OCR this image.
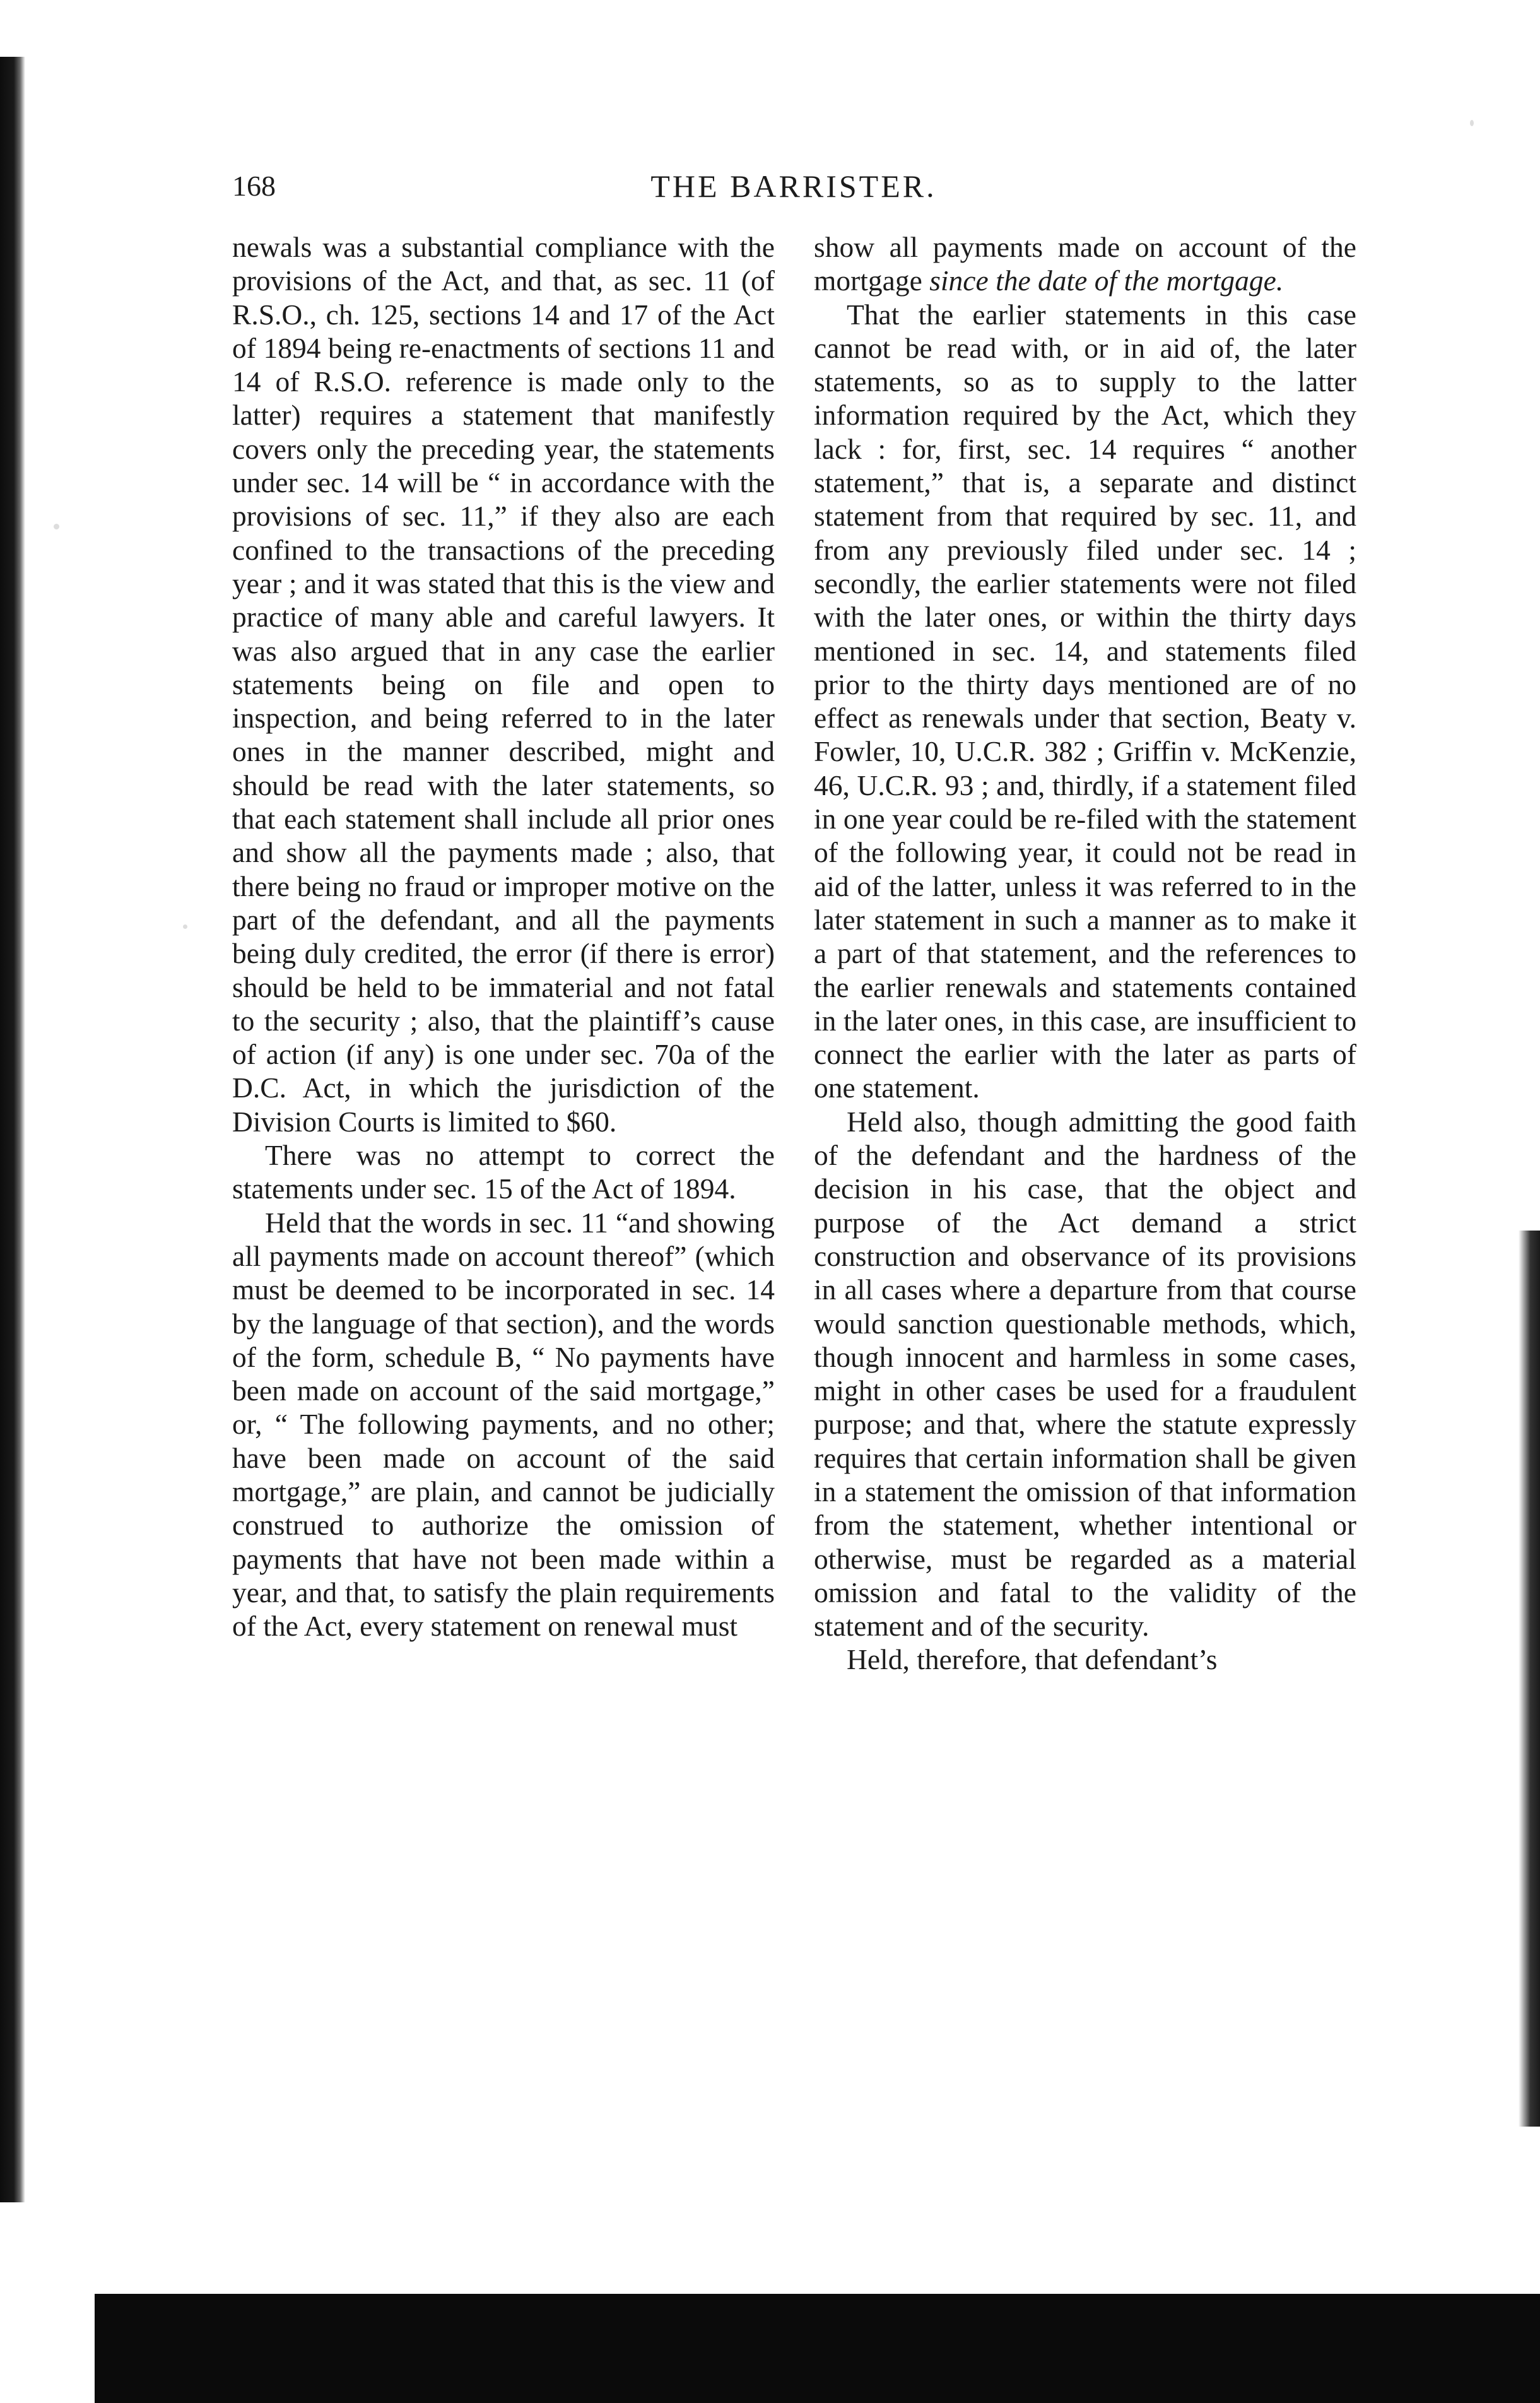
168	THE BARRISTER.

newals was a substantial compliance with the provisions of the Act, and that, as sec. 11 (of R.S.O., ch. 125, sections 14 and 17 of the Act of 1894 being re-enactments of sections 11 and 14 of R.S.O. reference is made only to the latter) requires a statement that manifestly covers only the preceding year, the statements under sec. 14 will be “ in accordance with the provisions of sec. 11,” if they also are each confined to the transactions of the preceding year ; and it was stated that this is the view and practice of many able and careful lawyers. It was also argued that in any case the earlier statements being on file and open to inspection, and being referred to in the later ones in the manner described, might and should be read with the later statements, so that each statement shall include all prior ones and show all the payments made ; also, that there being no fraud or improper motive on the part of the defendant, and all the payments being duly credited, the error (if there is error) should be held to be immaterial and not fatal to the security ; also, that the plaintiff’s cause of action (if any) is one under sec. 70a of the D.C. Act, in which the jurisdiction of the Division Courts is limited to $60.

There was no attempt to correct the statements under sec. 15 of the Act of 1894.

Held that the words in sec. 11 “and showing all payments made on account thereof” (which must be deemed to be incorporated in sec. 14 by the language of that section), and the words of the form, schedule B, “ No payments have been made on account of the said mortgage,” or, “ The following payments, and no other; have been made on account of the said mortgage,” are plain, and cannot be judicially construed to authorize the omission of payments that have not been made within a year, and that, to satisfy the plain requirements of the Act, every statement on renewal must

show all payments made on account of the mortgage since the date of the mortgage.

That the earlier statements in this case cannot be read with, or in aid of, the later statements, so as to supply to the latter information required by the Act, which they lack : for, first, sec. 14 requires “ another statement,” that is, a separate and distinct statement from that required by sec. 11, and from any previously filed under sec. 14 ; secondly, the earlier statements were not filed with the later ones, or within the thirty days mentioned in sec. 14, and statements filed prior to the thirty days mentioned are of no effect as renewals under that section, Beaty v. Fowler, 10, U.C.R. 382 ; Griffin v. McKenzie, 46, U.C.R. 93 ; and, thirdly, if a statement filed in one year could be re-filed with the statement of the following year, it could not be read in aid of the latter, unless it was referred to in the later statement in such a manner as to make it a part of that statement, and the references to the earlier renewals and statements contained in the later ones, in this case, are insufficient to connect the earlier with the later as parts of one statement.

Held also, though admitting the good faith of the defendant and the hardness of the decision in his case, that the object and purpose of the Act demand a strict construction and observance of its provisions in all cases where a departure from that course would sanction questionable methods, which, though innocent and harmless in some cases, might in other cases be used for a fraudulent purpose; and that, where the statute expressly requires that certain information shall be given in a statement the omission of that information from the statement, whether intentional or otherwise, must be regarded as a material omission and fatal to the validity of the statement and of the security.

Held, therefore, that defendant’s
